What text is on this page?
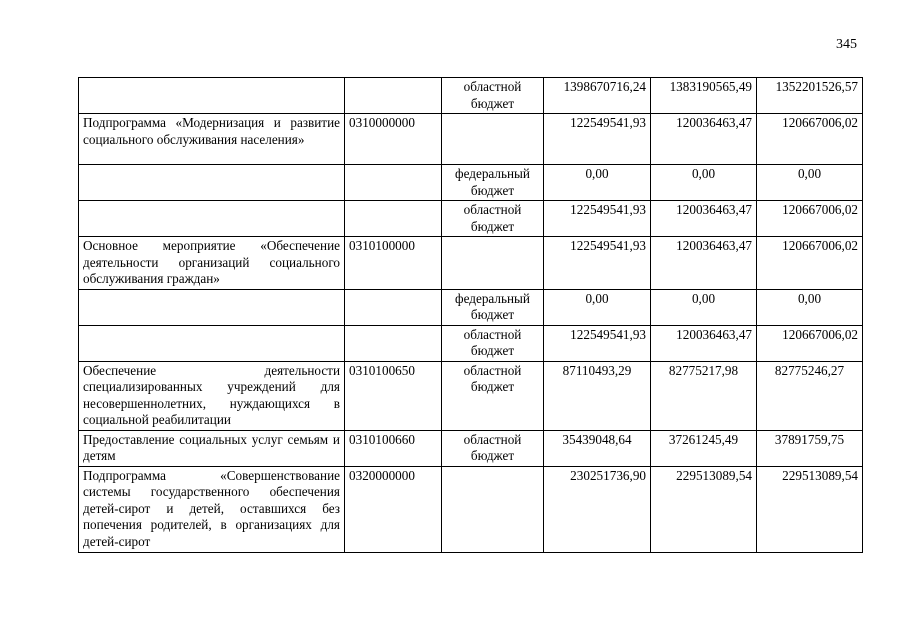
345
		областной бюджет	1398670716,24	1383190565,49	1352201526,57
Подпрограмма «Модернизация и развитие социального обслуживания населения»	0310000000		122549541,93	120036463,47	120667006,02
		федеральный бюджет	0,00	0,00	0,00
		областной бюджет	122549541,93	120036463,47	120667006,02
Основное мероприятие «Обеспечение деятельности организаций социального обслуживания граждан»	0310100000		122549541,93	120036463,47	120667006,02
		федеральный бюджет	0,00	0,00	0,00
		областной бюджет	122549541,93	120036463,47	120667006,02
Обеспечение деятельности специализированных учреждений для несовершеннолетних, нуждающихся в социальной реабилитации	0310100650	областной бюджет	87110493,29	82775217,98	82775246,27
Предоставление социальных услуг семьям и детям	0310100660	областной бюджет	35439048,64	37261245,49	37891759,75
Подпрограмма «Совершенствование системы государственного обеспечения детей-сирот и детей, оставшихся без попечения родителей, в организациях для детей-сирот	0320000000		230251736,90	229513089,54	229513089,54
